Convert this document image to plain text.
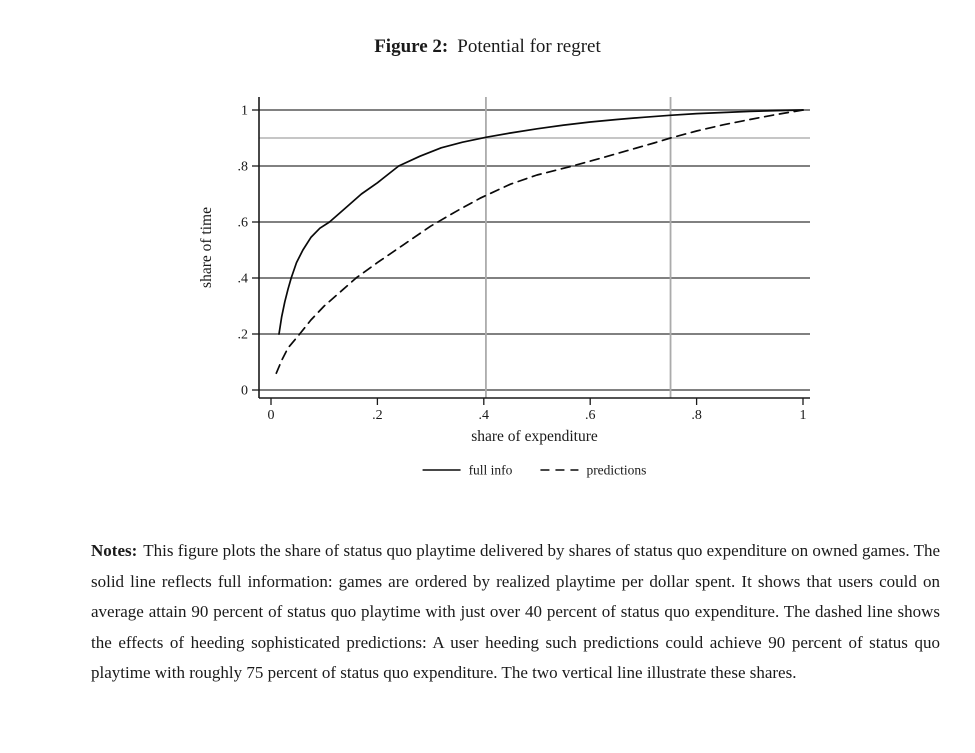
Figure 2: Potential for regret
0
.2
.4
.6
.8
1
0	.2	.4	.6	.8	1
share of expenditure
share of time
full info	predictions
Notes: This figure plots the share of status quo playtime delivered by shares of status quo expenditure on owned games. The solid line reflects full information: games are ordered by realized playtime per dollar spent. It shows that users could on average attain 90 percent of status quo playtime with just over 40 percent of status quo expenditure. The dashed line shows the effects of heeding sophisticated predictions: A user heeding such predictions could achieve 90 percent of status quo playtime with roughly 75 percent of status quo expenditure. The two vertical line illustrate these shares.
